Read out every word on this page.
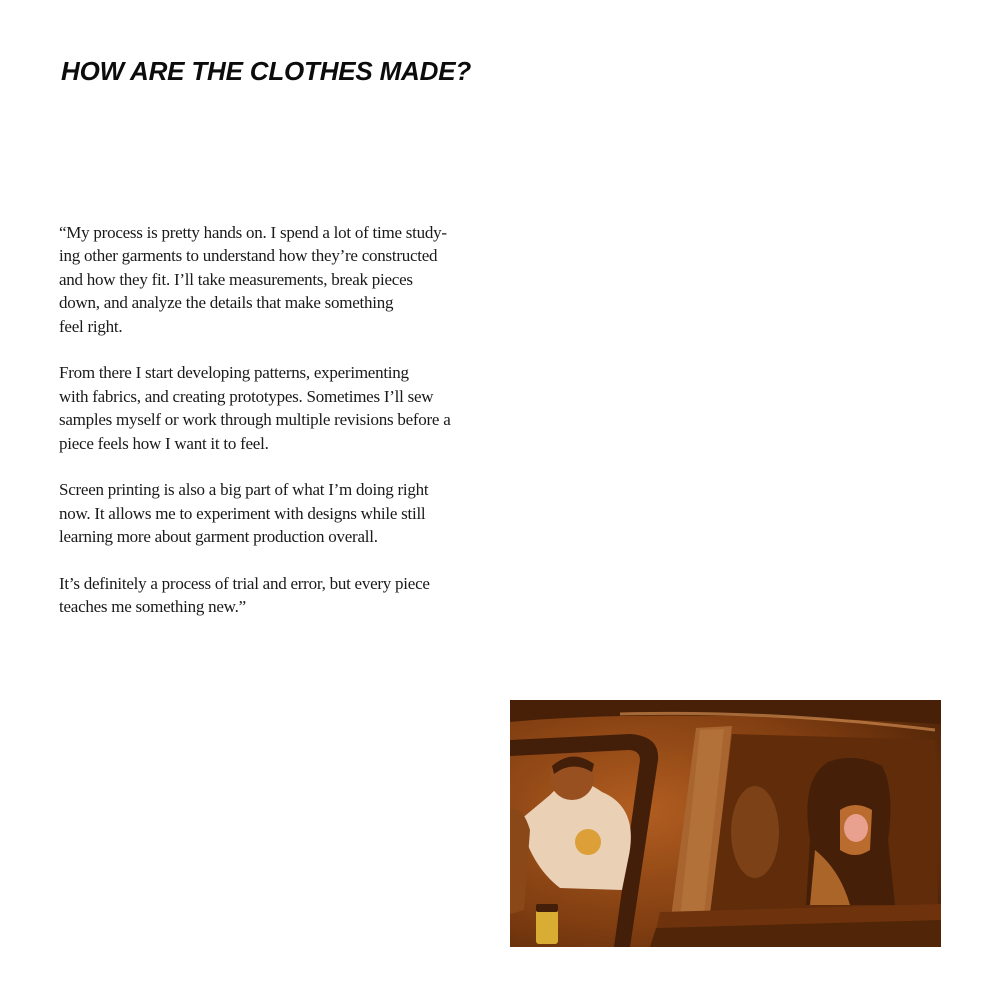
HOW ARE THE CLOTHES MADE?

“My process is pretty hands on. I spend a lot of time study-
ing other garments to understand how they’re constructed
and how they fit. I’ll take measurements, break pieces
down, and analyze the details that make something
feel right.

From there I start developing patterns, experimenting
with fabrics, and creating prototypes. Sometimes I’ll sew
samples myself or work through multiple revisions before a
piece feels how I want it to feel.

Screen printing is also a big part of what I’m doing right
now. It allows me to experiment with designs while still
learning more about garment production overall.

It’s definitely a process of trial and error, but every piece
teaches me something new.”
